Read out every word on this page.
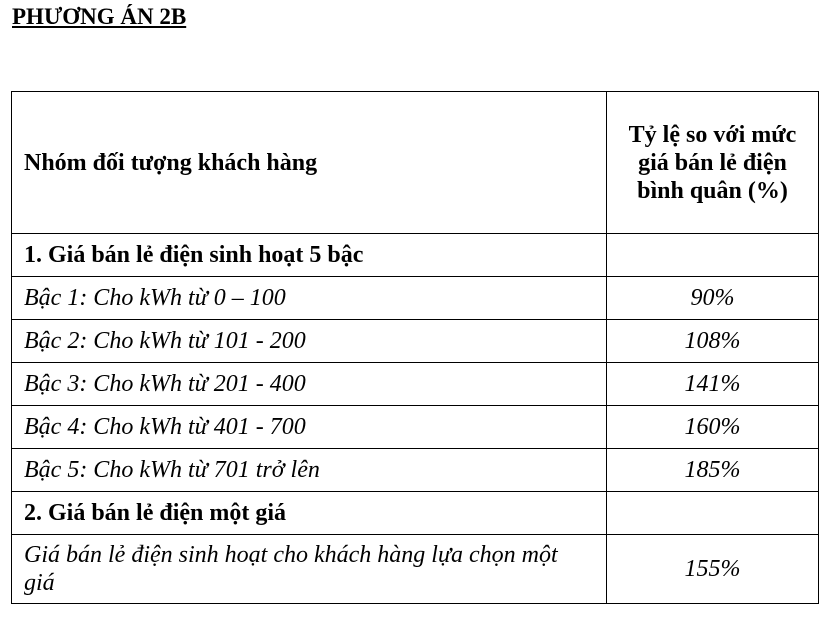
PHƯƠNG ÁN 2B
Nhóm đối tượng khách hàng	Tỷ lệ so với mức giá bán lẻ điện bình quân (%)
1. Giá bán lẻ điện sinh hoạt 5 bậc	
Bậc 1: Cho kWh từ 0 – 100	90%
Bậc 2: Cho kWh từ 101 - 200	108%
Bậc 3: Cho kWh từ 201 - 400	141%
Bậc 4: Cho kWh từ 401 - 700	160%
Bậc 5: Cho kWh từ 701 trở lên	185%
2. Giá bán lẻ điện một giá	
Giá bán lẻ điện sinh hoạt cho khách hàng lựa chọn một giá	155%
